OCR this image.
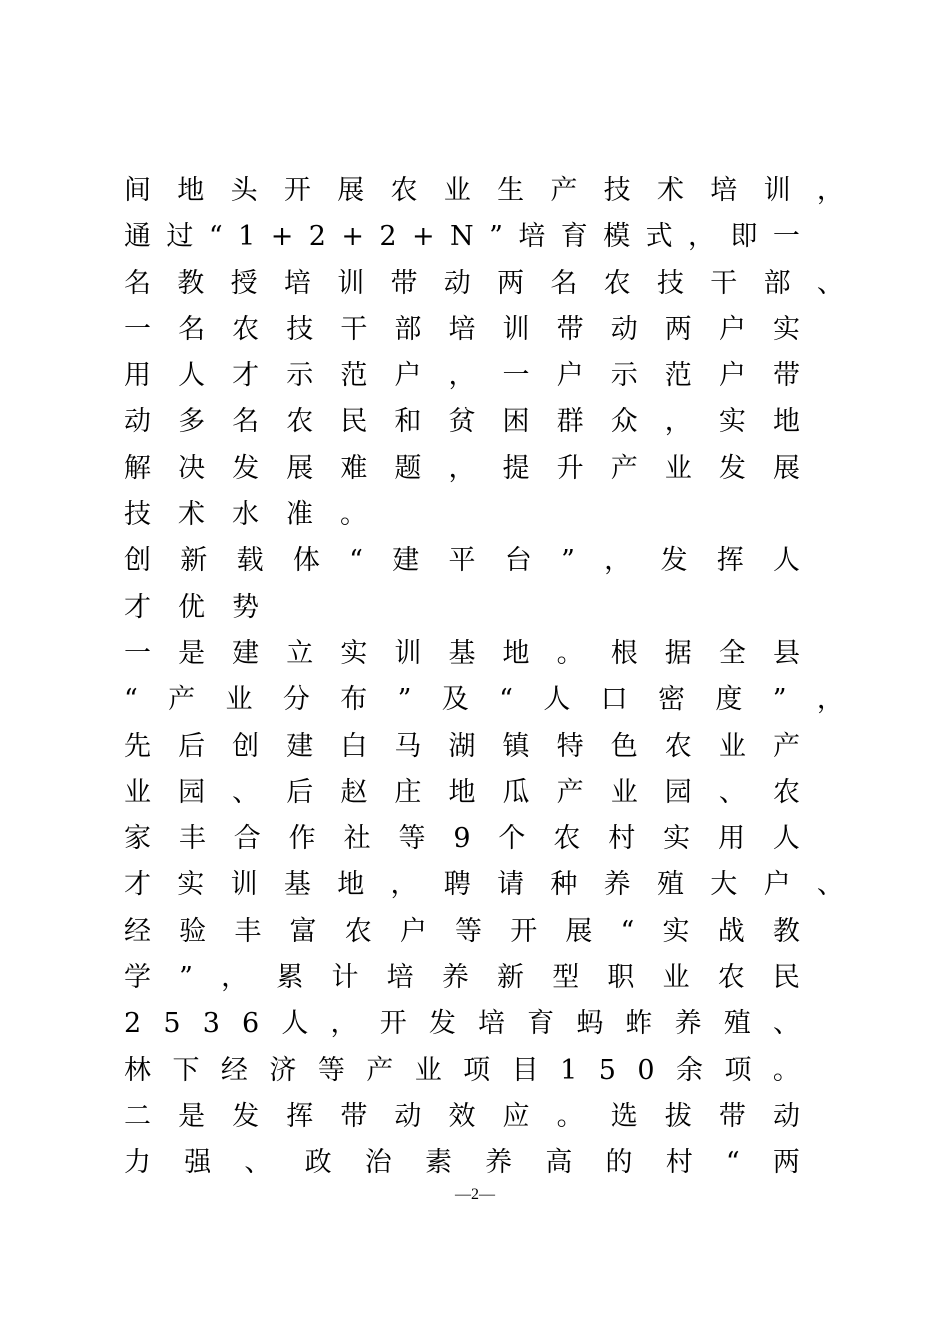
间 地 头 开 展 农 业 生 产 技 术 培 训 ，
通 过 “ 1 + 2 + 2 + N ” 培 育 模 式 ， 即 一
名 教 授 培 训 带 动 两 名 农 技 干 部 、
一 名 农 技 干 部 培 训 带 动 两 户 实
用 人 才 示 范 户 ， 一 户 示 范 户 带
动 多 名 农 民 和 贫 困 群 众 ， 实 地
解 决 发 展 难 题 ， 提 升 产 业 发 展
技术水准。
创 新 载 体 “ 建 平 台 ” ， 发 挥 人
才优势
一 是 建 立 实 训 基 地 。 根 据 全 县
“ 产 业 分 布 ” 及 “ 人 口 密 度 ” ，
先 后 创 建 白 马 湖 镇 特 色 农 业 产
业 园 、 后 赵 庄 地 瓜 产 业 园 、 农
家 丰 合 作 社 等 9 个 农 村 实 用 人
才 实 训 基 地 ， 聘 请 种 养 殖 大 户 、
经 验 丰 富 农 户 等 开 展 “ 实 战 教
学 ” ， 累 计 培 养 新 型 职 业 农 民
2 5 3 6 人 ， 开 发 培 育 蚂 蚱 养 殖 、
林 下 经 济 等 产 业 项 目 1 5 0 余 项 。
二 是 发 挥 带 动 效 应 。 选 拔 带 动
力 强 、 政 治 素 养 高 的 村 “ 两
—2—
